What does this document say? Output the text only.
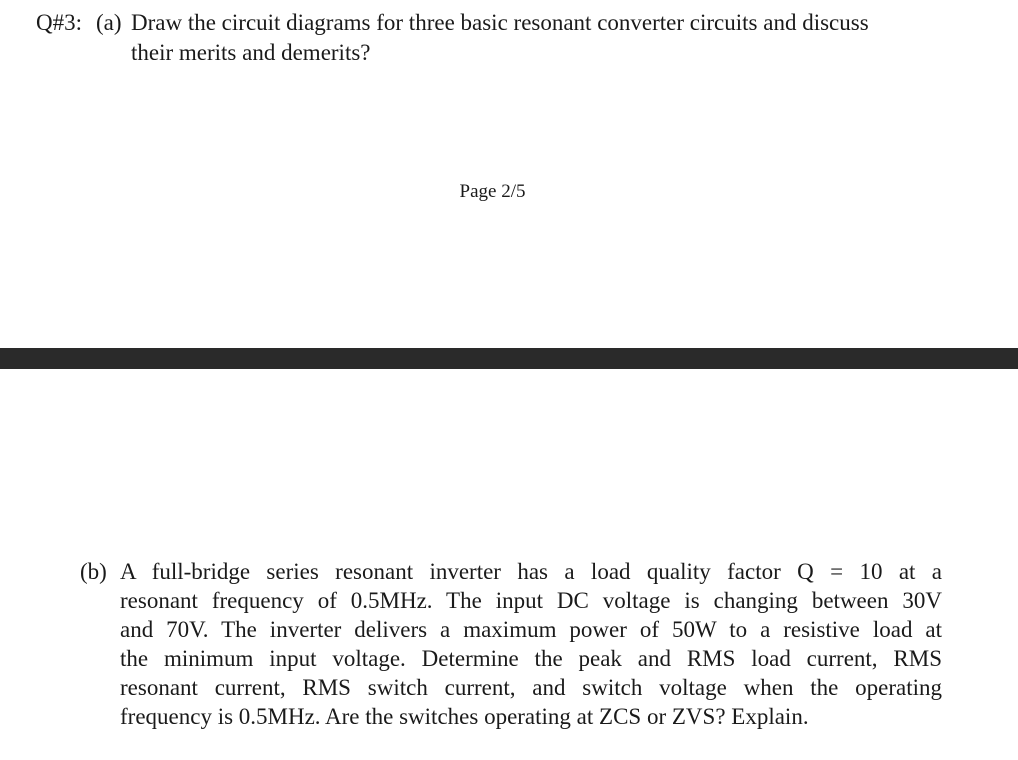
Q#3: (a) Draw the circuit diagrams for three basic resonant converter circuits and discuss
their merits and demerits?
Page 2/5
(b) A full-bridge series resonant inverter has a load quality factor Q = 10 at a
resonant frequency of 0.5MHz. The input DC voltage is changing between 30V
and 70V. The inverter delivers a maximum power of 50W to a resistive load at
the minimum input voltage. Determine the peak and RMS load current, RMS
resonant current, RMS switch current, and switch voltage when the operating
frequency is 0.5MHz. Are the switches operating at ZCS or ZVS? Explain.
